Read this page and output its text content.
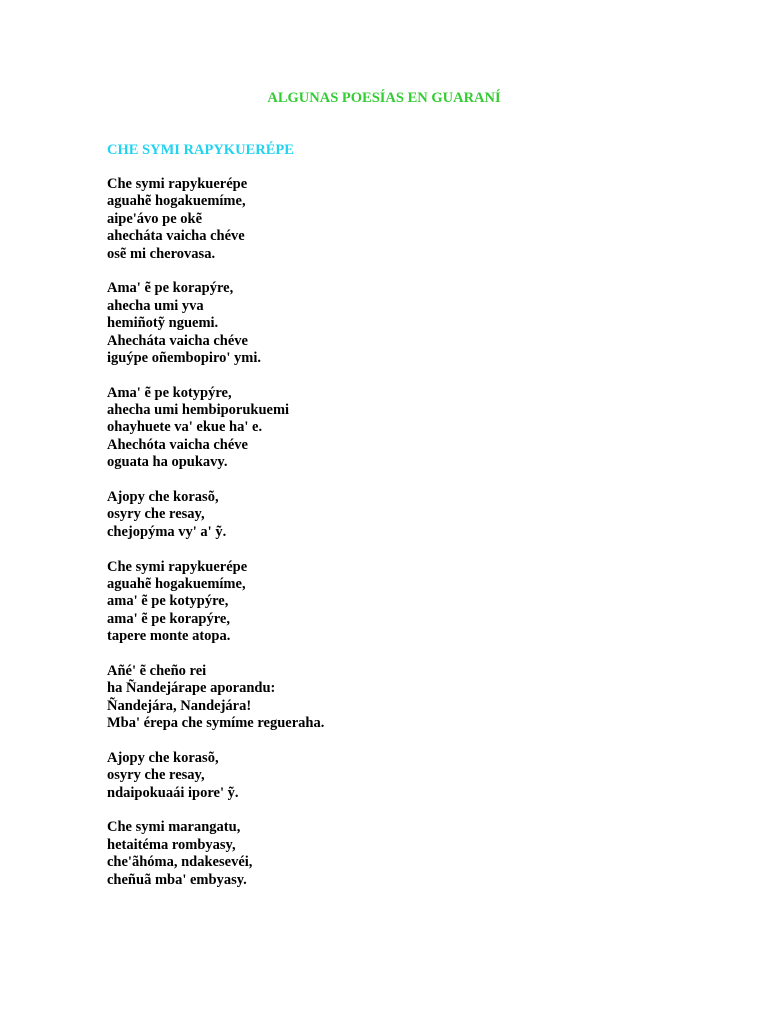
ALGUNAS POESÍAS EN GUARANÍ
CHE SYMI RAPYKUERÉPE
Che symi rapykuerépe
aguahẽ hogakuemíme,
aipe'ávo pe okẽ
ahecháta vaicha chéve
osẽ mi cherovasa.
Ama' ẽ pe korapýre,
ahecha umi yva
hemiñotỹ nguemi.
Ahecháta vaicha chéve
iguýpe oñembopiro' ymi.
Ama' ẽ pe kotypýre,
ahecha umi hembiporukuemi
ohayhuete va' ekue ha' e.
Ahechóta vaicha chéve
oguata ha opukavy.
Ajopy che korasõ,
osyry che resay,
chejopýma vy' a' ỹ.
Che symi rapykuerépe
aguahẽ hogakuemíme,
ama' ẽ pe kotypýre,
ama' ẽ pe korapýre,
tapere monte atopa.
Añé' ẽ cheño rei
ha Ñandejárape aporandu:
Ñandejára, Nandejára!
Mba' érepa che symíme regueraha.
Ajopy che korasõ,
osyry che resay,
ndaipokuaái ipore' ỹ.
Che symi marangatu,
hetaitéma rombyasy,
che'ãhóma, ndakesevéi,
cheñuã mba' embyasy.
